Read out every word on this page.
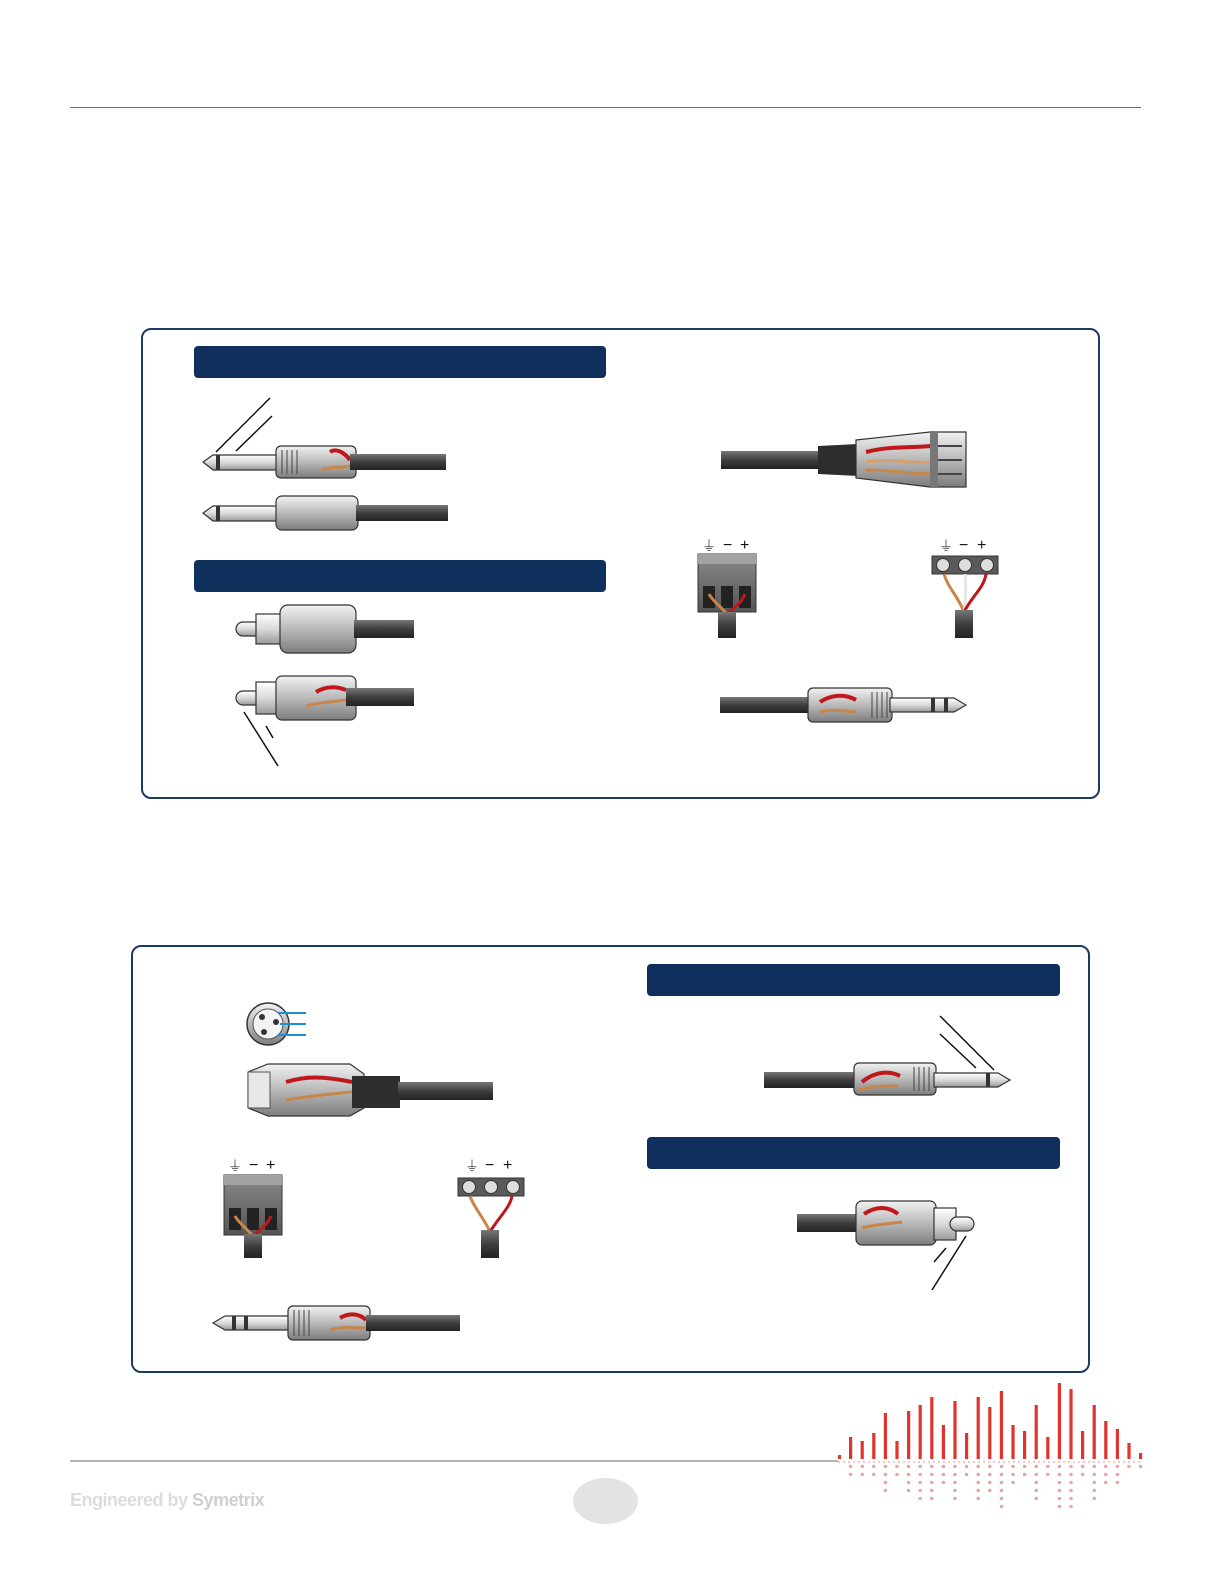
⏚ − +	⏚ − +
⏚ − +	⏚ − +
Engineered by Symetrix
